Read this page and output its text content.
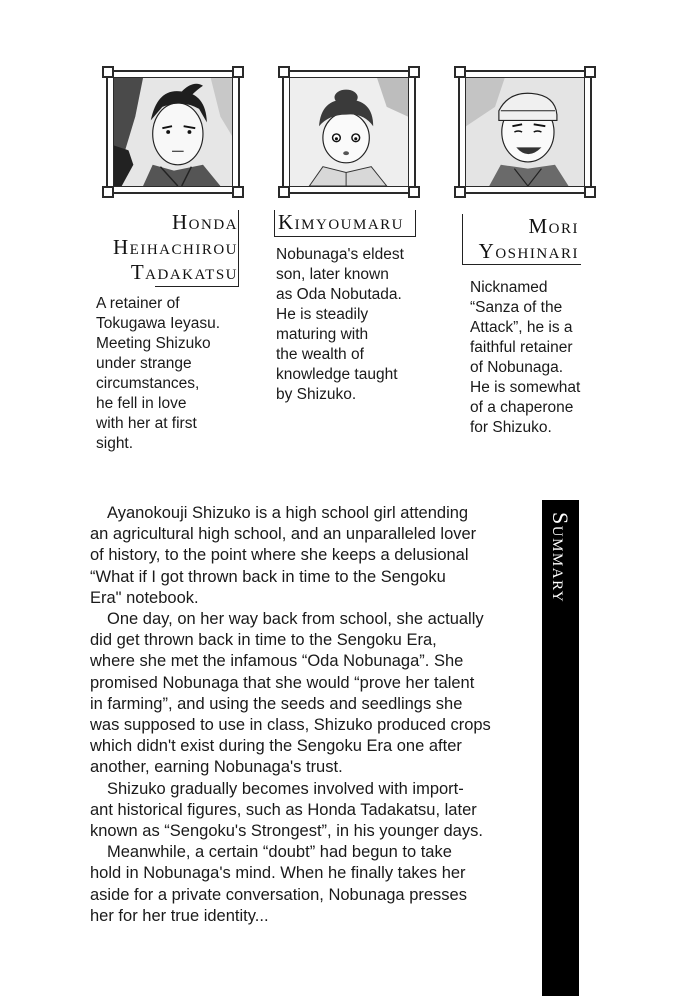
Honda
Heihachirou
Tadakatsu
Kimyoumaru	Mori
Yoshinari
A retainer of
Tokugawa Ieyasu.
Meeting Shizuko
under strange
circumstances,
he fell in love
with her at first
sight.
Nobunaga's eldest
son, later known
as Oda Nobutada.
He is steadily
maturing with
the wealth of
knowledge taught
by Shizuko.
Nicknamed
“Sanza of the
Attack”, he is a
faithful retainer
of Nobunaga.
He is somewhat
of a chaperone
for Shizuko.
Ayanokouji Shizuko is a high school girl attending
an agricultural high school, and an unparalleled lover
of history, to the point where she keeps a delusional
“What if I got thrown back in time to the Sengoku
Era" notebook.
One day, on her way back from school, she actually
did get thrown back in time to the Sengoku Era,
where she met the infamous “Oda Nobunaga”. She
promised Nobunaga that she would “prove her talent
in farming”, and using the seeds and seedlings she
was supposed to use in class, Shizuko produced crops
which didn't exist during the Sengoku Era one after
another, earning Nobunaga's trust.
Shizuko gradually becomes involved with import-
ant historical figures, such as Honda Tadakatsu, later
known as “Sengoku's Strongest”, in his younger days.
Meanwhile, a certain “doubt” had begun to take
hold in Nobunaga's mind. When he finally takes her
aside for a private conversation, Nobunaga presses
her for her true identity...
Summary
